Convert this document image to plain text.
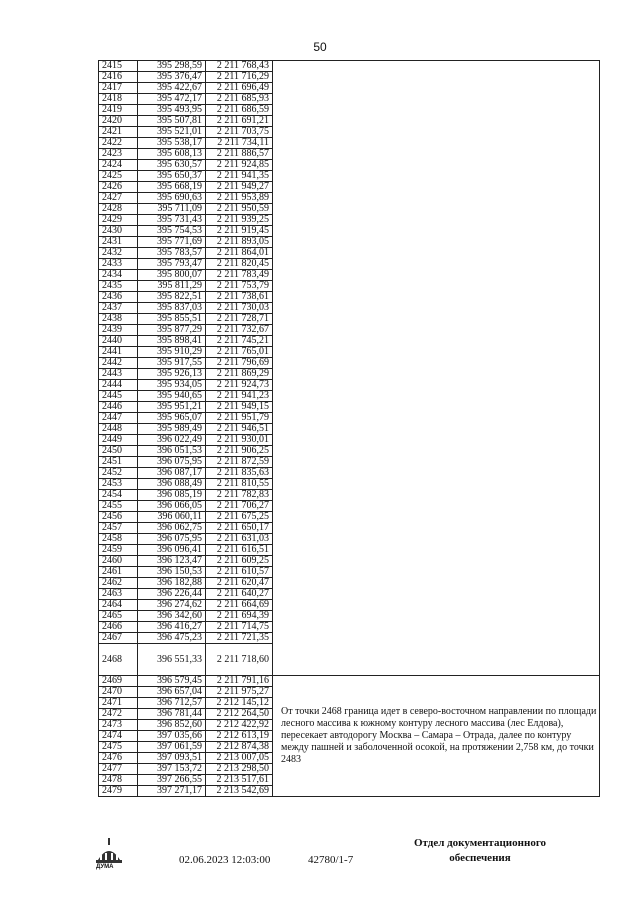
50
2415	395 298,59	2 211 768,43	
2416	395 376,47	2 211 716,29	
2417	395 422,67	2 211 696,49	
2418	395 472,17	2 211 685,93	
2419	395 493,95	2 211 686,59	
2420	395 507,81	2 211 691,21	
2421	395 521,01	2 211 703,75	
2422	395 538,17	2 211 734,11	
2423	395 608,13	2 211 886,57	
2424	395 630,57	2 211 924,85	
2425	395 650,37	2 211 941,35	
2426	395 668,19	2 211 949,27	
2427	395 690,63	2 211 953,89	
2428	395 711,09	2 211 950,59	
2429	395 731,43	2 211 939,25	
2430	395 754,53	2 211 919,45	
2431	395 771,69	2 211 893,05	
2432	395 783,57	2 211 864,01	
2433	395 793,47	2 211 820,45	
2434	395 800,07	2 211 783,49	
2435	395 811,29	2 211 753,79	
2436	395 822,51	2 211 738,61	
2437	395 837,03	2 211 730,03	
2438	395 855,51	2 211 728,71	
2439	395 877,29	2 211 732,67	
2440	395 898,41	2 211 745,21	
2441	395 910,29	2 211 765,01	
2442	395 917,55	2 211 796,69	
2443	395 926,13	2 211 869,29	
2444	395 934,05	2 211 924,73	
2445	395 940,65	2 211 941,23	
2446	395 951,21	2 211 949,15	
2447	395 965,07	2 211 951,79	
2448	395 989,49	2 211 946,51	
2449	396 022,49	2 211 930,01	
2450	396 051,53	2 211 906,25	
2451	396 075,95	2 211 872,59	
2452	396 087,17	2 211 835,63	
2453	396 088,49	2 211 810,55	
2454	396 085,19	2 211 782,83	
2455	396 066,05	2 211 706,27	
2456	396 060,11	2 211 675,25	
2457	396 062,75	2 211 650,17	
2458	396 075,95	2 211 631,03	
2459	396 096,41	2 211 616,51	
2460	396 123,47	2 211 609,25	
2461	396 150,53	2 211 610,57	
2462	396 182,88	2 211 620,47	
2463	396 226,44	2 211 640,27	
2464	396 274,62	2 211 664,69	
2465	396 342,60	2 211 694,39	
2466	396 416,27	2 211 714,75	
2467	396 475,23	2 211 721,35	
2468	396 551,33	2 211 718,60	
2469	396 579,45	2 211 791,16	От точки 2468 граница идет в северо-восточном направлении по площади лесного массива к южному контуру лесного массива (лес Елдова), пересекает автодорогу Москва – Самара – Отрада, далее по контуру между пашней и заболоченной осокой, на протяжении 2,758 км, до точки 2483

2470	396 657,04	2 211 975,27	
2471	396 712,57	2 212 145,12	
2472	396 781,44	2 212 264,50	
2473	396 852,60	2 212 422,92	
2474	397 035,66	2 212 613,19	
2475	397 061,59	2 212 874,38	
2476	397 093,51	2 213 007,05	
2477	397 153,72	2 213 298,50	
2478	397 266,55	2 213 517,61	
2479	397 271,17	2 213 542,69	
ДУМА
Отдел документационного обеспечения
02.06.2023 12:03:00	42780/1-7
